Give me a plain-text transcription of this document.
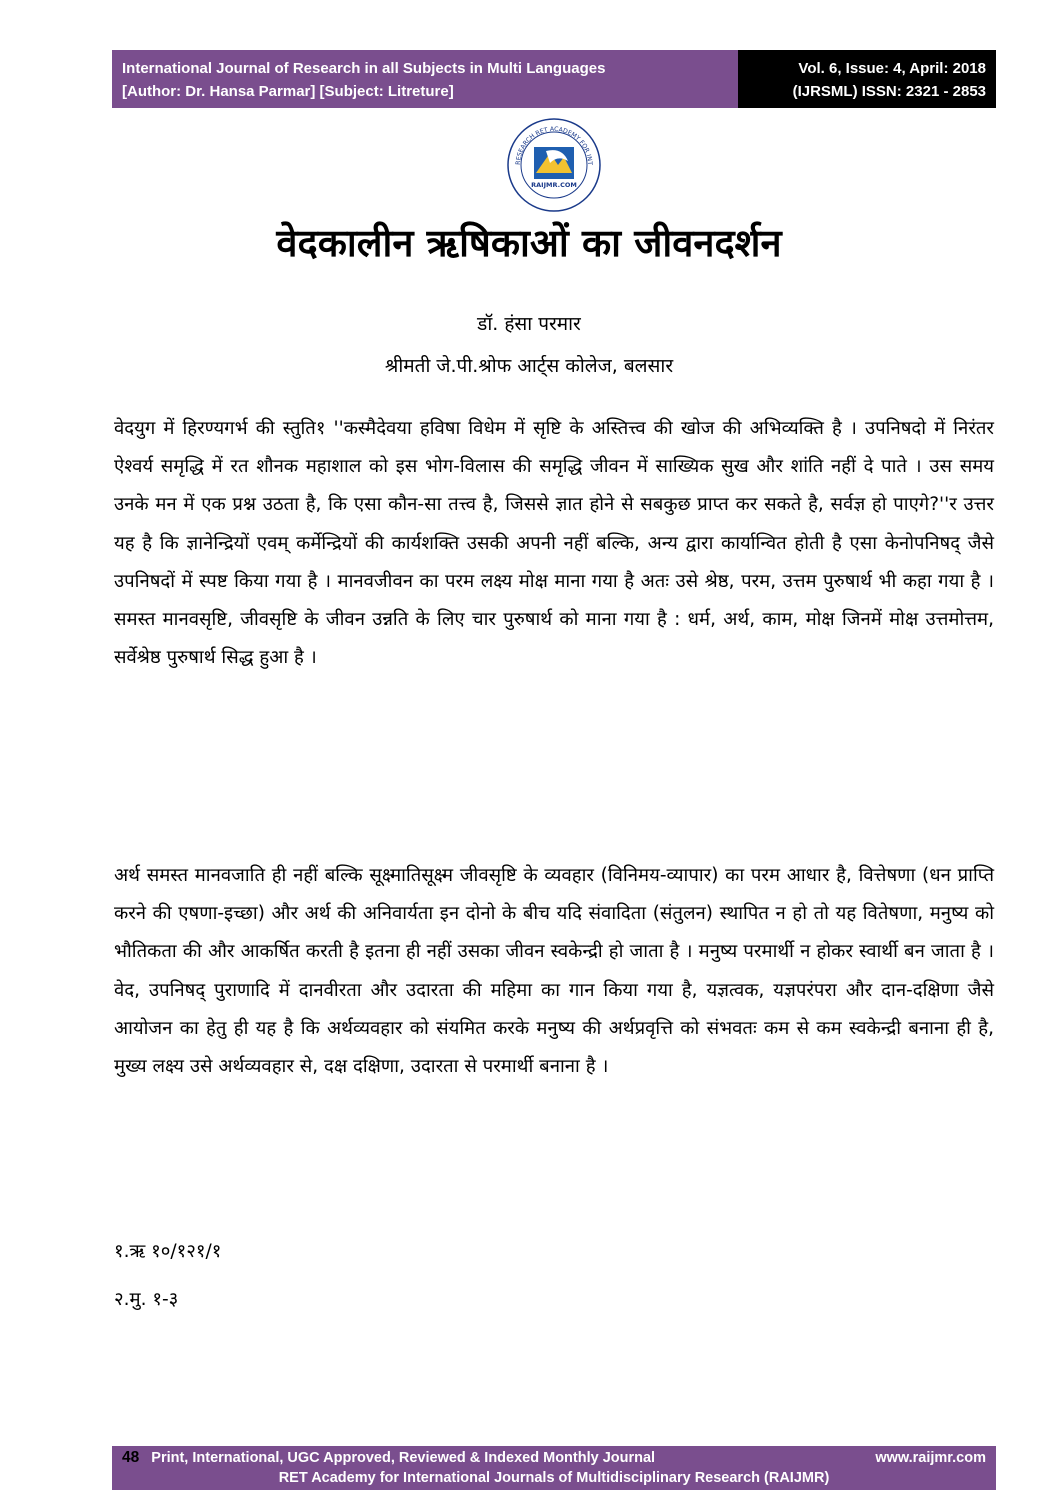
International Journal of Research in all Subjects in Multi Languages
[Author: Dr. Hansa Parmar] [Subject: Litreture]
Vol. 6, Issue: 4, April: 2018
(IJRSML) ISSN: 2321 - 2853
RESEARCH RET ACADEMY FOR INT
RAIJMR.COM
वेदकालीन ऋषिकाओं का जीवनदर्शन
डॉ. हंसा परमार
श्रीमती जे.पी.श्रोफ आर्ट्‌स कोलेज, बलसार
वेदयुग में हिरण्यगर्भ की स्तुति१ ''कस्मैदेवया हविषा विधेम में सृष्टि के अस्तित्त्व की खोज की अभिव्यक्ति है । उपनिषदो में निरंतर ऐश्वर्य समृद्धि में रत शौनक महाशाल को इस भोग-विलास की समृद्धि जीवन में साख्यिक सुख और शांति नहीं दे पाते । उस समय उनके मन में एक प्रश्न उठता है, कि एसा कौन-सा तत्त्व है, जिससे ज्ञात होने से सबकुछ प्राप्त कर सकते है, सर्वज्ञ हो पाएगे?''र उत्तर यह है कि ज्ञानेन्द्रियों एवम्‌ कर्मेन्द्रियों की कार्यशक्ति उसकी अपनी नहीं बल्कि, अन्य द्वारा कार्यान्वित होती है एसा केनोपनिषद्‌ जैसे उपनिषदों में स्पष्ट किया गया है । मानवजीवन का परम लक्ष्य मोक्ष माना गया है अतः उसे श्रेष्ठ, परम, उत्तम पुरुषार्थ भी कहा गया है । समस्त मानवसृष्टि, जीवसृष्टि के जीवन उन्नति के लिए चार पुरुषार्थ को माना गया है : धर्म, अर्थ, काम, मोक्ष जिनमें मोक्ष उत्तमोत्तम, सर्वेश्रेष्ठ पुरुषार्थ सिद्ध हुआ है ।
अर्थ समस्त मानवजाति ही नहीं बल्कि सूक्ष्मातिसूक्ष्म जीवसृष्टि के व्यवहार (विनिमय-व्यापार) का परम आधार है, वित्तेषणा (धन प्राप्ति करने की एषणा-इच्छा) और अर्थ की अनिवार्यता इन दोनो के बीच यदि संवादिता (संतुलन) स्थापित न हो तो यह वितेषणा, मनुष्य को भौतिकता की और आकर्षित करती है इतना ही नहीं उसका जीवन स्वकेन्द्री हो जाता है । मनुष्य परमार्थी न होकर स्वार्थी बन जाता है । वेद, उपनिषद्‌ पुराणादि में दानवीरता और उदारता की महिमा का गान किया गया है, यज्ञत्वक, यज्ञपरंपरा और दान-दक्षिणा जैसे आयोजन का हेतु ही यह है कि अर्थव्यवहार को संयमित करके मनुष्य की अर्थप्रवृत्ति को संभवतः कम से कम स्वकेन्द्री बनाना ही है, मुख्य लक्ष्य उसे अर्थव्यवहार से, दक्ष दक्षिणा, उदारता से परमार्थी बनाना है ।
१.ऋ १०/१२१/१
२.मु. १-३
48 Print, International, UGC Approved, Reviewed & Indexed Monthly Journal	www.raijmr.com
RET Academy for International Journals of Multidisciplinary Research (RAIJMR)
